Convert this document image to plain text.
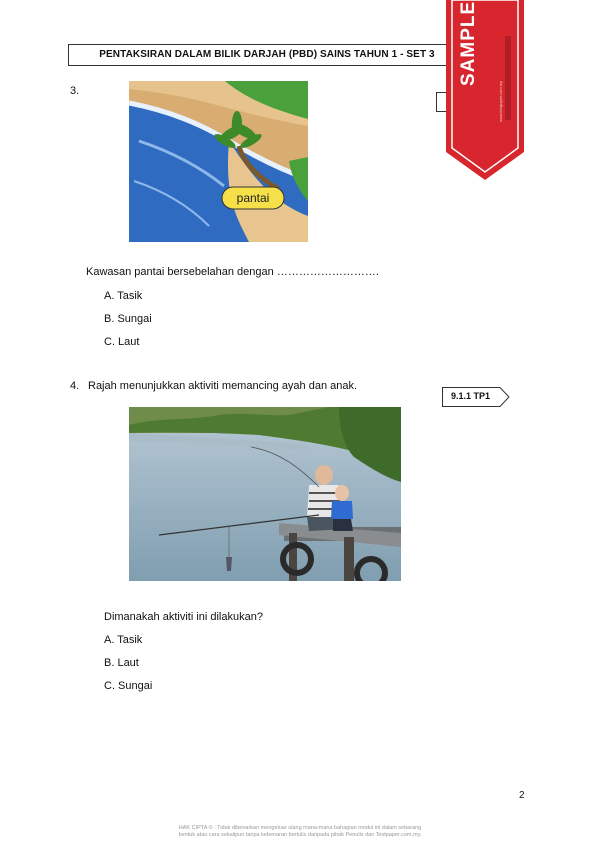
PENTAKSIRAN DALAM BILIK DARJAH (PBD) SAINS TAHUN 1 - SET 3	SAMPLE
www.testpaper.com.my
3.
pantai
Kawasan pantai bersebelahan dengan ……………………….
A. Tasik
B. Sungai
C. Laut
4. Rajah menunjukkan aktiviti memancing ayah dan anak.
9.1.1 TP1
Dimanakah aktiviti ini dilakukan?
A. Tasik
B. Laut
C. Sungai
2
HAK CIPTA © : Tidak dibenarkan mengeluar ulang mana-mana bahagian modul ini dalam sebarang
bentuk atau cara sekalipun tanpa kebenaran bertulis daripada pihak Penulis dan Testpaper.com.my.
